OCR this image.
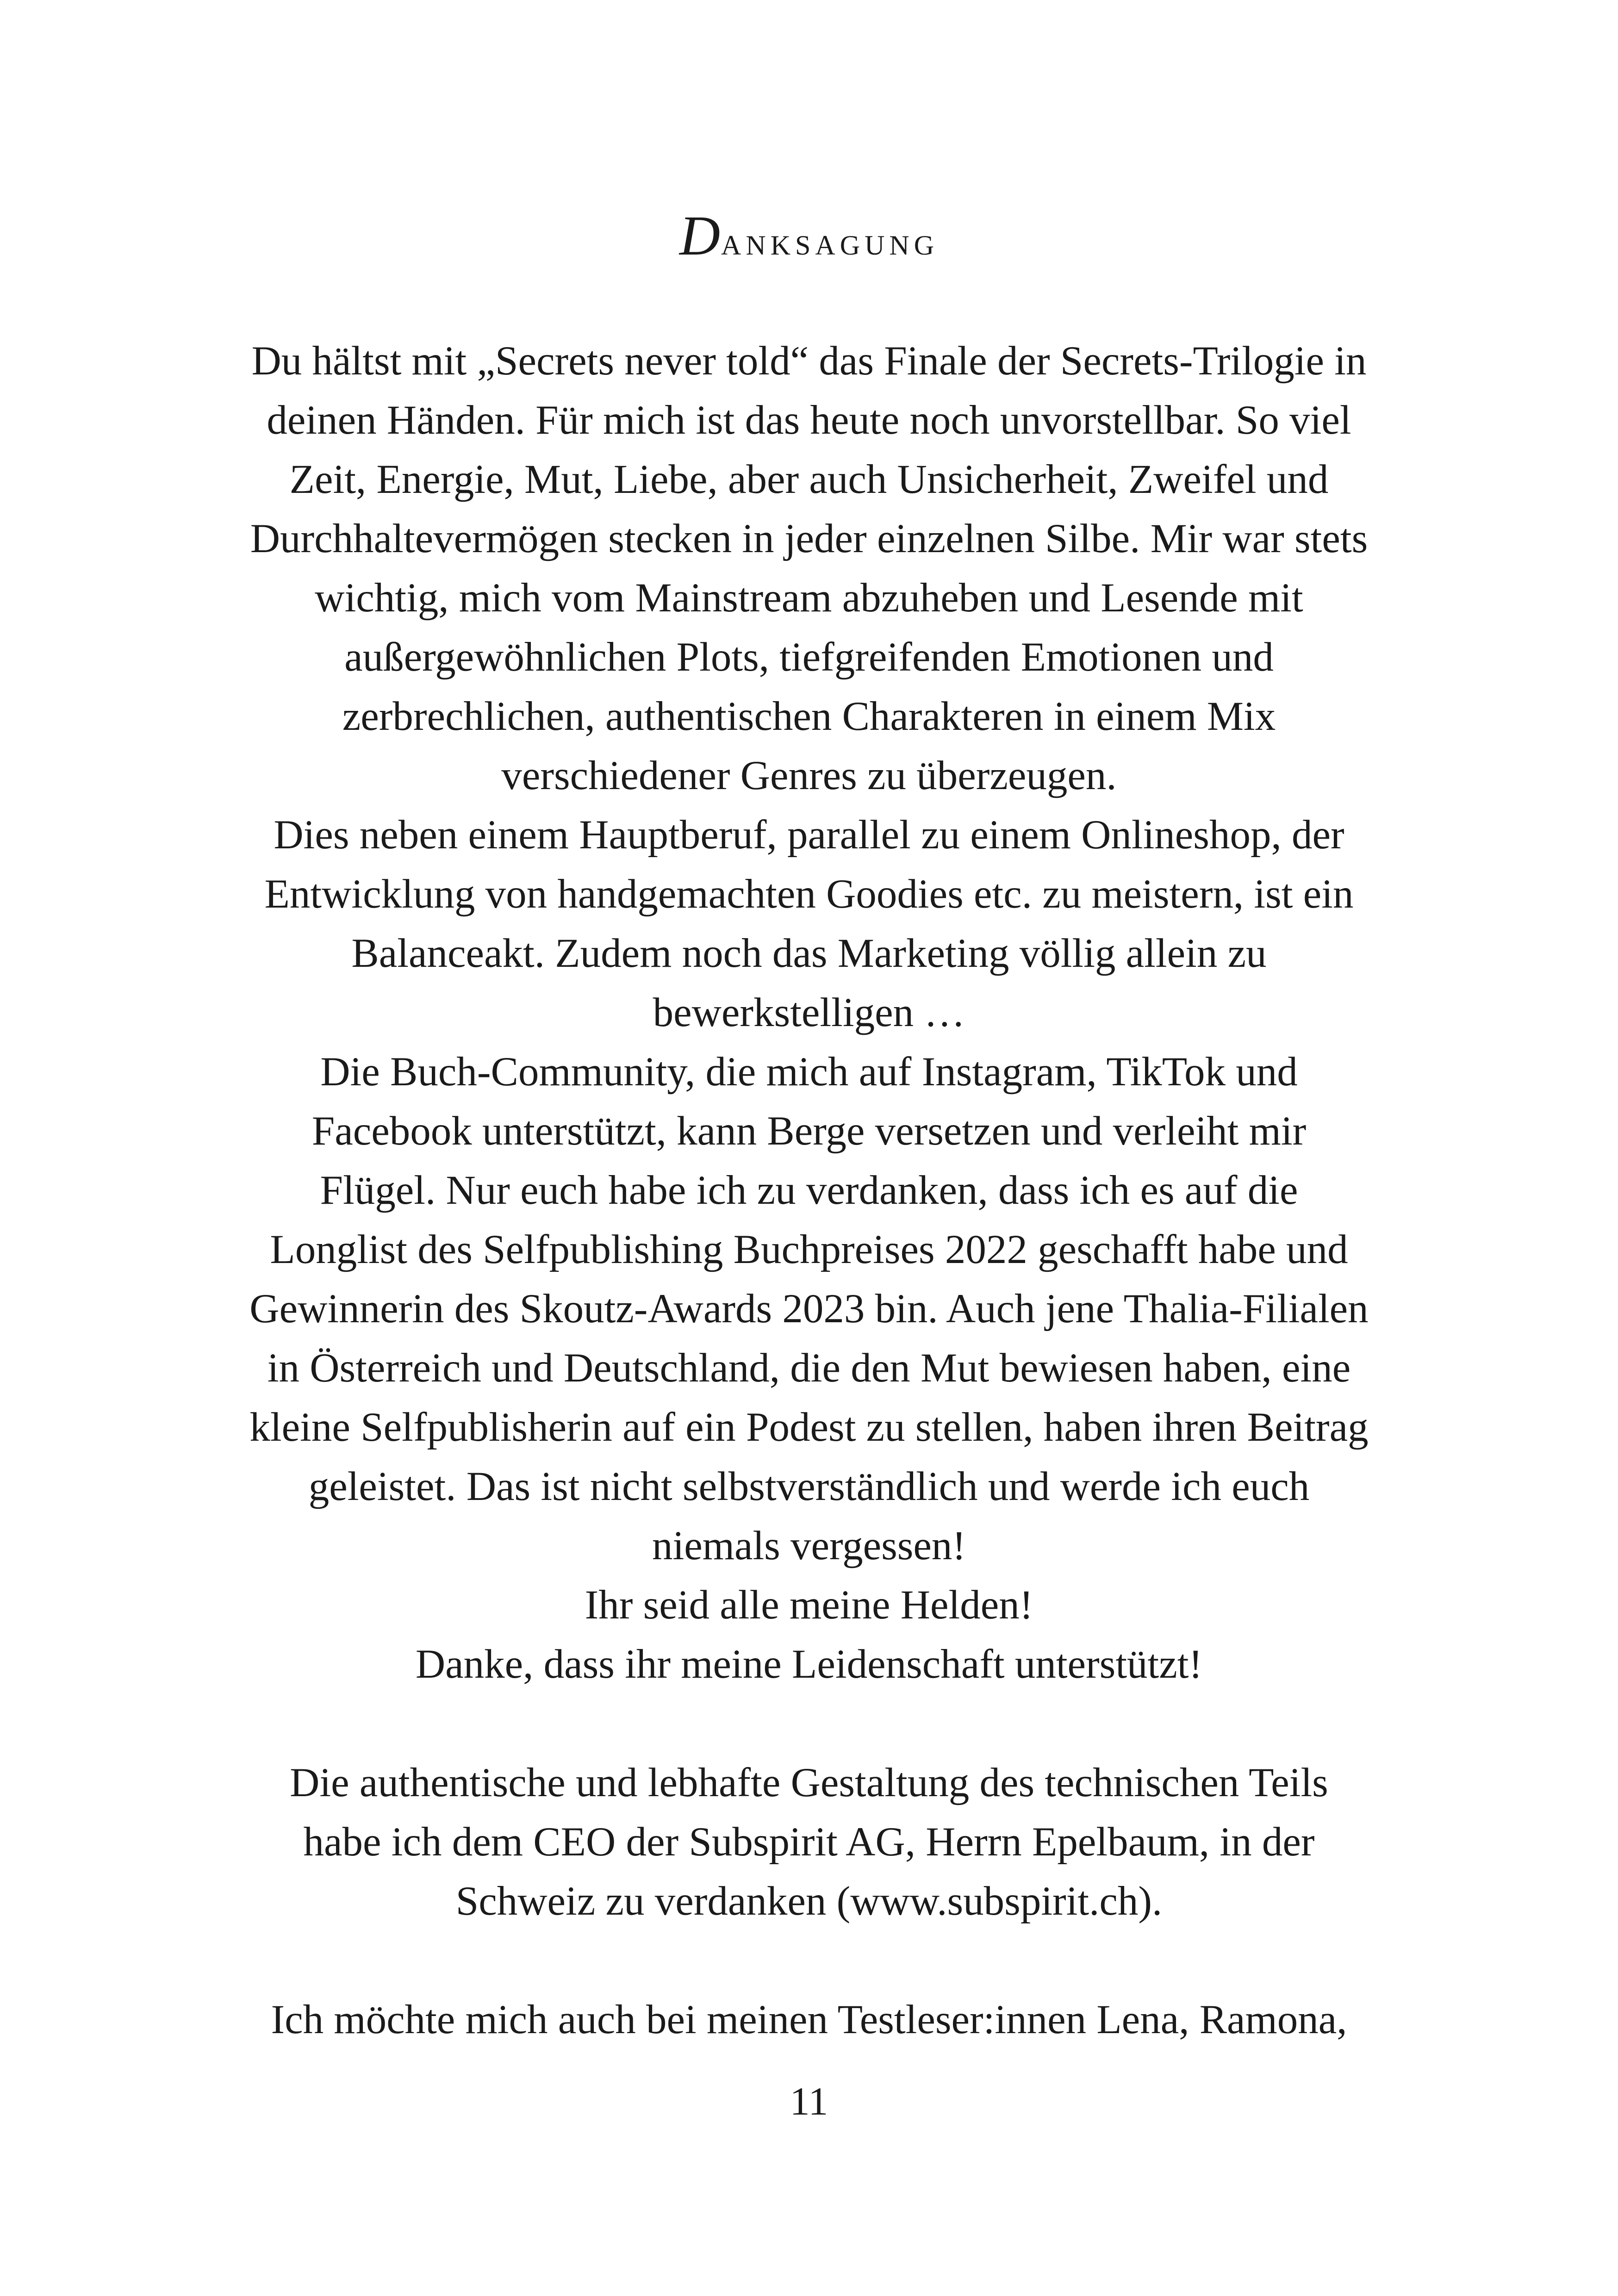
Danksagung
Du hältst mit „Secrets never told“ das Finale der Secrets-Trilogie in
deinen Händen. Für mich ist das heute noch unvorstellbar. So viel
Zeit, Energie, Mut, Liebe, aber auch Unsicherheit, Zweifel und
Durchhaltevermögen stecken in jeder einzelnen Silbe. Mir war stets
wichtig, mich vom Mainstream abzuheben und Lesende mit
außergewöhnlichen Plots, tiefgreifenden Emotionen und
zerbrechlichen, authentischen Charakteren in einem Mix
verschiedener Genres zu überzeugen.
Dies neben einem Hauptberuf, parallel zu einem Onlineshop, der
Entwicklung von handgemachten Goodies etc. zu meistern, ist ein
Balanceakt. Zudem noch das Marketing völlig allein zu
bewerkstelligen …
Die Buch-Community, die mich auf Instagram, TikTok und
Facebook unterstützt, kann Berge versetzen und verleiht mir
Flügel. Nur euch habe ich zu verdanken, dass ich es auf die
Longlist des Selfpublishing Buchpreises 2022 geschafft habe und
Gewinnerin des Skoutz-Awards 2023 bin. Auch jene Thalia-Filialen
in Österreich und Deutschland, die den Mut bewiesen haben, eine
kleine Selfpublisherin auf ein Podest zu stellen, haben ihren Beitrag
geleistet. Das ist nicht selbstverständlich und werde ich euch
niemals vergessen!
Ihr seid alle meine Helden!
Danke, dass ihr meine Leidenschaft unterstützt!
Die authentische und lebhafte Gestaltung des technischen Teils
habe ich dem CEO der Subspirit AG, Herrn Epelbaum, in der
Schweiz zu verdanken (www.subspirit.ch).
Ich möchte mich auch bei meinen Testleser:innen Lena, Ramona,
11
